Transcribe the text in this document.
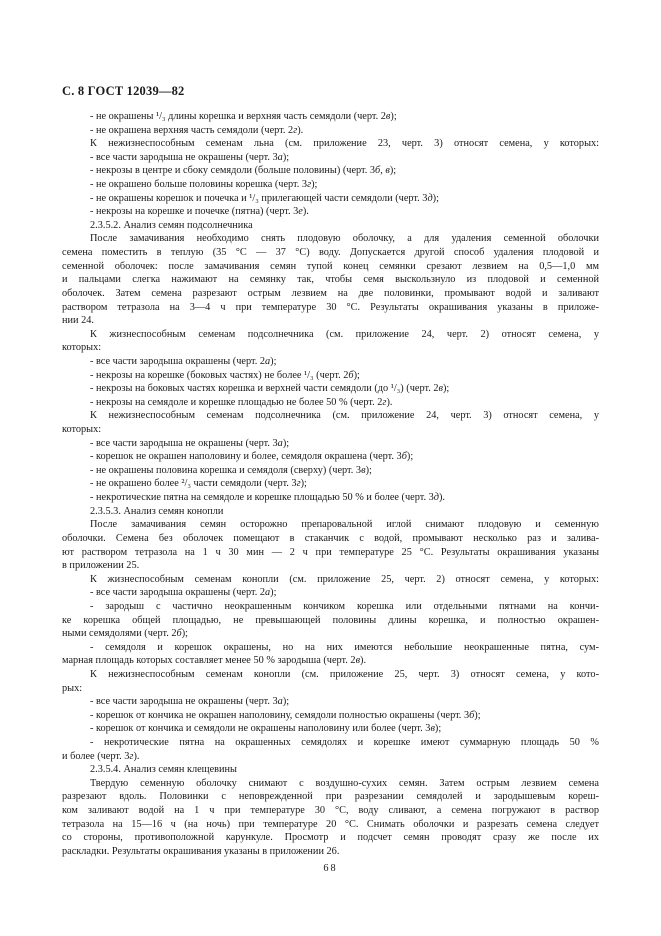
С. 8 ГОСТ 12039—82
- не окрашены ¹/₃ длины корешка и верхняя часть семядоли (черт. 2в);
- не окрашена верхняя часть семядоли (черт. 2г).
К нежизнеспособным семенам льна (см. приложение 23, черт. 3) относят семена, у которых:
- все части зародыша не окрашены (черт. 3а);
- некрозы в центре и сбоку семядоли (больше половины) (черт. 3б, в);
- не окрашено больше половины корешка (черт. 3г);
- не окрашены корешок и почечка и ¹/₃ прилегающей части семядоли (черт. 3д);
- некрозы на корешке и почечке (пятна) (черт. 3е).
2.3.5.2. Анализ семян подсолнечника
После замачивания необходимо снять плодовую оболочку, а для удаления семенной оболочки
семена поместить в теплую (35 °С — 37 °С) воду. Допускается другой способ удаления плодовой и
семенной оболочек: после замачивания семян тупой конец семянки срезают лезвием на 0,5—1,0 мм
и пальцами слегка нажимают на семянку так, чтобы семя выскользнуло из плодовой и семенной
оболочек. Затем семена разрезают острым лезвием на две половинки, промывают водой и заливают
раствором тетразола на 3—4 ч при температуре 30 °С. Результаты окрашивания указаны в приложе-
нии 24.
К жизнеспособным семенам подсолнечника (см. приложение 24, черт. 2) относят семена, у
которых:
- все части зародыша окрашены (черт. 2а);
- некрозы на корешке (боковых частях) не более ¹/₃ (черт. 2б);
- некрозы на боковых частях корешка и верхней части семядоли (до ¹/₃) (черт. 2в);
- некрозы на семядоле и корешке площадью не более 50 % (черт. 2г).
К нежизнеспособным семенам подсолнечника (см. приложение 24, черт. 3) относят семена, у
которых:
- все части зародыша не окрашены (черт. 3а);
- корешок не окрашен наполовину и более, семядоля окрашена (черт. 3б);
- не окрашены половина корешка и семядоля (сверху) (черт. 3в);
- не окрашено более ²/₃ части семядоли (черт. 3г);
- некротические пятна на семядоле и корешке площадью 50 % и более (черт. 3д).
2.3.5.3. Анализ семян конопли
После замачивания семян осторожно препаровальной иглой снимают плодовую и семенную
оболочки. Семена без оболочек помещают в стаканчик с водой, промывают несколько раз и залива-
ют раствором тетразола на 1 ч 30 мин — 2 ч при температуре 25 °С. Результаты окрашивания указаны
в приложении 25.
К жизнеспособным семенам конопли (см. приложение 25, черт. 2) относят семена, у которых:
- все части зародыша окрашены (черт. 2а);
- зародыш с частично неокрашенным кончиком корешка или отдельными пятнами на кончи-
ке корешка общей площадью, не превышающей половины длины корешка, и полностью окрашен-
ными семядолями (черт. 2б);
- семядоля и корешок окрашены, но на них имеются небольшие неокрашенные пятна, сум-
марная площадь которых составляет менее 50 % зародыша (черт. 2в).
К нежизнеспособным семенам конопли (см. приложение 25, черт. 3) относят семена, у кото-
рых:
- все части зародыша не окрашены (черт. 3а);
- корешок от кончика не окрашен наполовину, семядоли полностью окрашены (черт. 3б);
- корешок от кончика и семядоли не окрашены наполовину или более (черт. 3в);
- некротические пятна на окрашенных семядолях и корешке имеют суммарную площадь 50 %
и более (черт. 3г).
2.3.5.4. Анализ семян клещевины
Твердую семенную оболочку снимают с воздушно-сухих семян. Затем острым лезвием семена
разрезают вдоль. Половинки с неповрежденной при разрезании семядолей и зародышевым кореш-
ком заливают водой на 1 ч при температуре 30 °С, воду сливают, а семена погружают в раствор
тетразола на 15—16 ч (на ночь) при температуре 20 °С. Снимать оболочки и разрезать семена следует
со стороны, противоположной карункуле. Просмотр и подсчет семян проводят сразу же после их
раскладки. Результаты окрашивания указаны в приложении 26.
68
